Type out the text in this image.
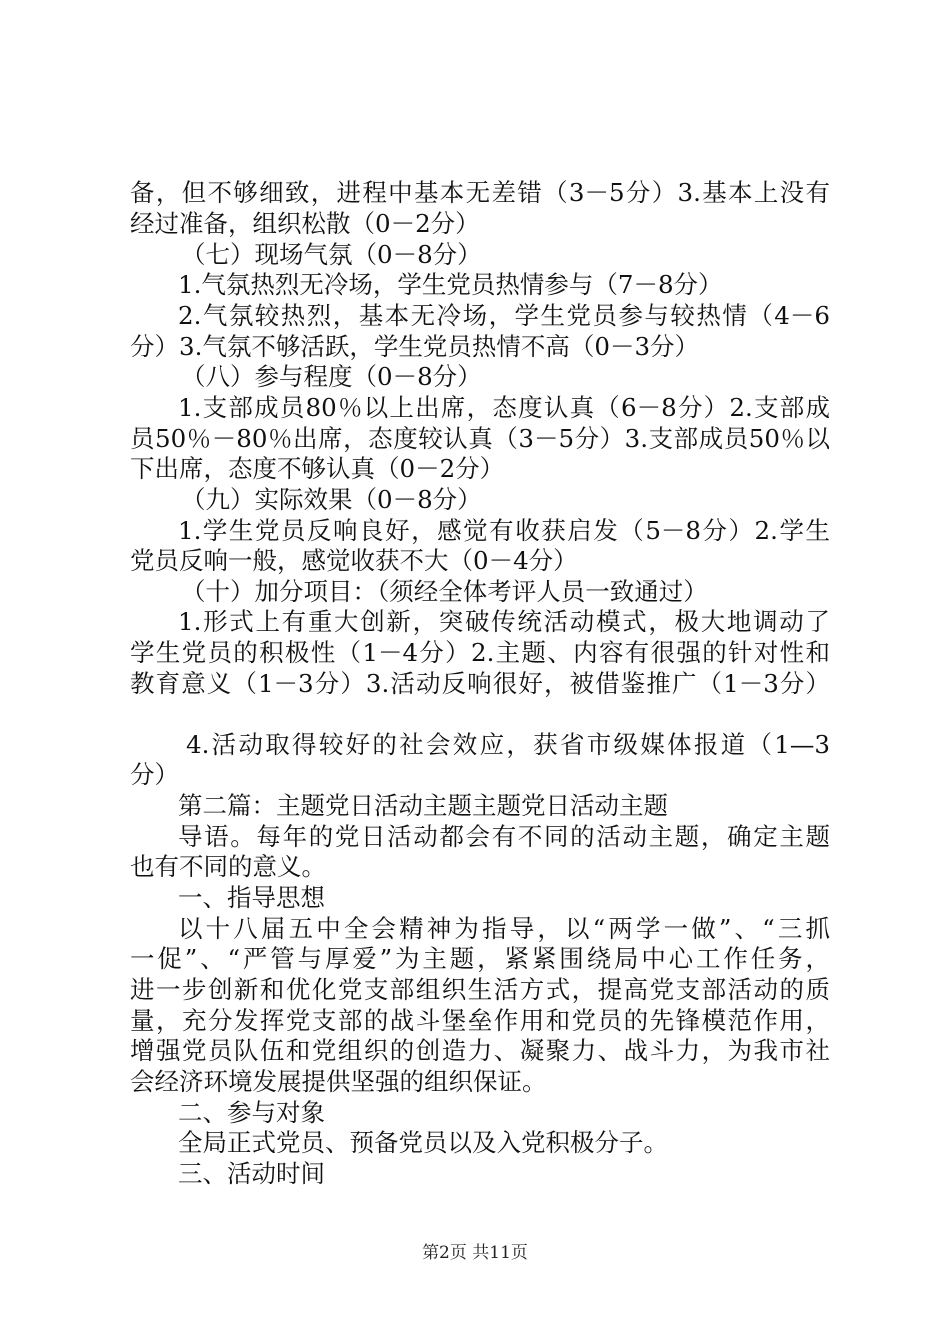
备，但不够细致，进程中基本无差错（3－5分）3.基本上没有
经过准备，组织松散（0－2分）
（七）现场气氛（0－8分）
1.气氛热烈无冷场，学生党员热情参与（7－8分）
2.气氛较热烈，基本无冷场，学生党员参与较热情（4－6
分）3.气氛不够活跃，学生党员热情不高（0－3分）
（八）参与程度（0－8分）
1.支部成员80％以上出席，态度认真（6－8分）2.支部成
员50％－80％出席，态度较认真（3－5分）3.支部成员50％以
下出席，态度不够认真（0－2分）
（九）实际效果（0－8分）
1.学生党员反响良好，感觉有收获启发（5－8分）2.学生
党员反响一般，感觉收获不大（0－4分）
（十）加分项目：（须经全体考评人员一致通过）
1.形式上有重大创新，突破传统活动模式，极大地调动了
学生党员的积极性（1－4分）2.主题、内容有很强的针对性和
教育意义（1－3分）3.活动反响很好，被借鉴推广（1－3分）
4.活动取得较好的社会效应，获省市级媒体报道（1—3
分）
第二篇：主题党日活动主题主题党日活动主题
导语。每年的党日活动都会有不同的活动主题，确定主题
也有不同的意义。
一、指导思想
以十八届五中全会精神为指导，以“两学一做”、“三抓
一促”、“严管与厚爱”为主题，紧紧围绕局中心工作任务，
进一步创新和优化党支部组织生活方式，提高党支部活动的质
量，充分发挥党支部的战斗堡垒作用和党员的先锋模范作用，
增强党员队伍和党组织的创造力、凝聚力、战斗力，为我市社
会经济环境发展提供坚强的组织保证。
二、参与对象
全局正式党员、预备党员以及入党积极分子。
三、活动时间
第2页 共11页
